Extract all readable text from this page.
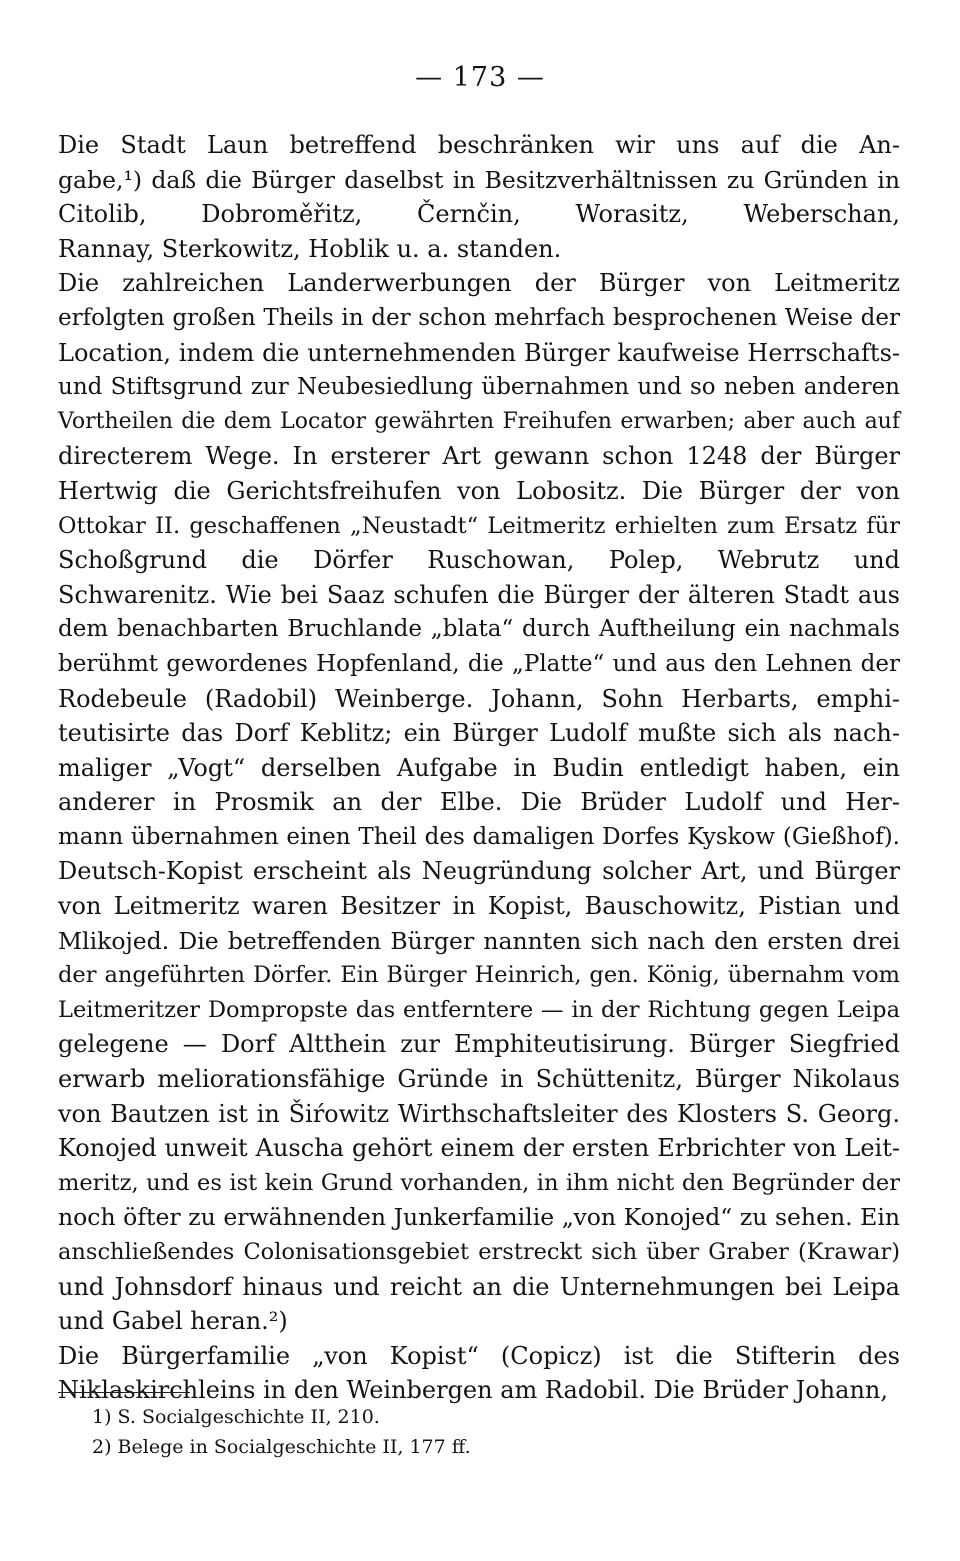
— 173 —
Die Stadt Laun betreffend beschränken wir uns auf die An-
gabe,¹) daß die Bürger daselbst in Besitzverhältnissen zu Gründen in
Citolib, Dobroměřitz, Černčin, Worasitz, Weberschan,
Rannay, Sterkowitz, Hoblik u. a. standen.
Die zahlreichen Landerwerbungen der Bürger von Leitmeritz
erfolgten großen Theils in der schon mehrfach besprochenen Weise der
Location, indem die unternehmenden Bürger kaufweise Herrschafts-
und Stiftsgrund zur Neubesiedlung übernahmen und so neben anderen
Vortheilen die dem Locator gewährten Freihufen erwarben; aber auch auf
directerem Wege. In ersterer Art gewann schon 1248 der Bürger
Hertwig die Gerichtsfreihufen von Lobositz. Die Bürger der von
Ottokar II. geschaffenen „Neustadt“ Leitmeritz erhielten zum Ersatz für
Schoßgrund die Dörfer Ruschowan, Polep, Webrutz und
Schwarenitz. Wie bei Saaz schufen die Bürger der älteren Stadt aus
dem benachbarten Bruchlande „blata“ durch Auftheilung ein nachmals
berühmt gewordenes Hopfenland, die „Platte“ und aus den Lehnen der
Rodebeule (Radobil) Weinberge. Johann, Sohn Herbarts, emphi-
teutisirte das Dorf Keblitz; ein Bürger Ludolf mußte sich als nach-
maliger „Vogt“ derselben Aufgabe in Budin entledigt haben, ein
anderer in Prosmik an der Elbe. Die Brüder Ludolf und Her-
mann übernahmen einen Theil des damaligen Dorfes Kyskow (Gießhof).
Deutsch-Kopist erscheint als Neugründung solcher Art, und Bürger
von Leitmeritz waren Besitzer in Kopist, Bauschowitz, Pistian und
Mlikojed. Die betreffenden Bürger nannten sich nach den ersten drei
der angeführten Dörfer. Ein Bürger Heinrich, gen. König, übernahm vom
Leitmeritzer Dompropste das entferntere — in der Richtung gegen Leipa
gelegene — Dorf Altthein zur Emphiteutisirung. Bürger Siegfried
erwarb meliorationsfähige Gründe in Schüttenitz, Bürger Nikolaus
von Bautzen ist in Šiŕowitz Wirthschaftsleiter des Klosters S. Georg.
Konojed unweit Auscha gehört einem der ersten Erbrichter von Leit-
meritz, und es ist kein Grund vorhanden, in ihm nicht den Begründer der
noch öfter zu erwähnenden Junkerfamilie „von Konojed“ zu sehen. Ein
anschließendes Colonisationsgebiet erstreckt sich über Graber (Krawar)
und Johnsdorf hinaus und reicht an die Unternehmungen bei Leipa
und Gabel heran.²)
Die Bürgerfamilie „von Kopist“ (Copicz) ist die Stifterin des
Niklaskirchleins in den Weinbergen am Radobil. Die Brüder Johann,
1) S. Socialgeschichte II, 210.
2) Belege in Socialgeschichte II, 177 ff.
